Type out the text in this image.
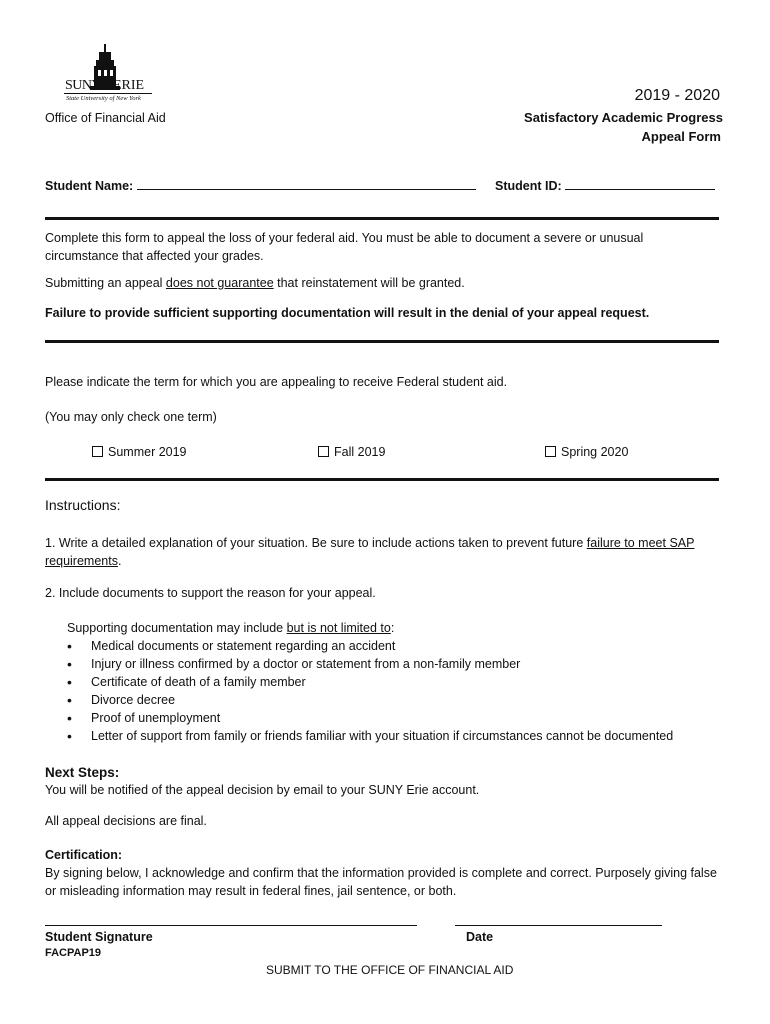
SUNY ERIE
State University of New York
Office of Financial Aid
2019 - 2020
Satisfactory Academic Progress
Appeal Form
Student Name:	Student ID:
Complete this form to appeal the loss of your federal aid. You must be able to document a severe or unusual circumstance that affected your grades.
Submitting an appeal does not guarantee that reinstatement will be granted.
Failure to provide sufficient supporting documentation will result in the denial of your appeal request.
Please indicate the term for which you are appealing to receive Federal student aid.
(You may only check one term)
Summer 2019	Fall 2019	Spring 2020
Instructions:
1. Write a detailed explanation of your situation. Be sure to include actions taken to prevent future failure to meet SAP
requirements.
2. Include documents to support the reason for your appeal.
Supporting documentation may include but is not limited to:
• Medical documents or statement regarding an accident
• Injury or illness confirmed by a doctor or statement from a non-family member
• Certificate of death of a family member
• Divorce decree
• Proof of unemployment
• Letter of support from family or friends familiar with your situation if circumstances cannot be documented
Next Steps:
You will be notified of the appeal decision by email to your SUNY Erie account.
All appeal decisions are final.
Certification:
By signing below, I acknowledge and confirm that the information provided is complete and correct. Purposely giving false or misleading information may result in federal fines, jail sentence, or both.
Student Signature	Date
FACPAP19
SUBMIT TO THE OFFICE OF FINANCIAL AID
